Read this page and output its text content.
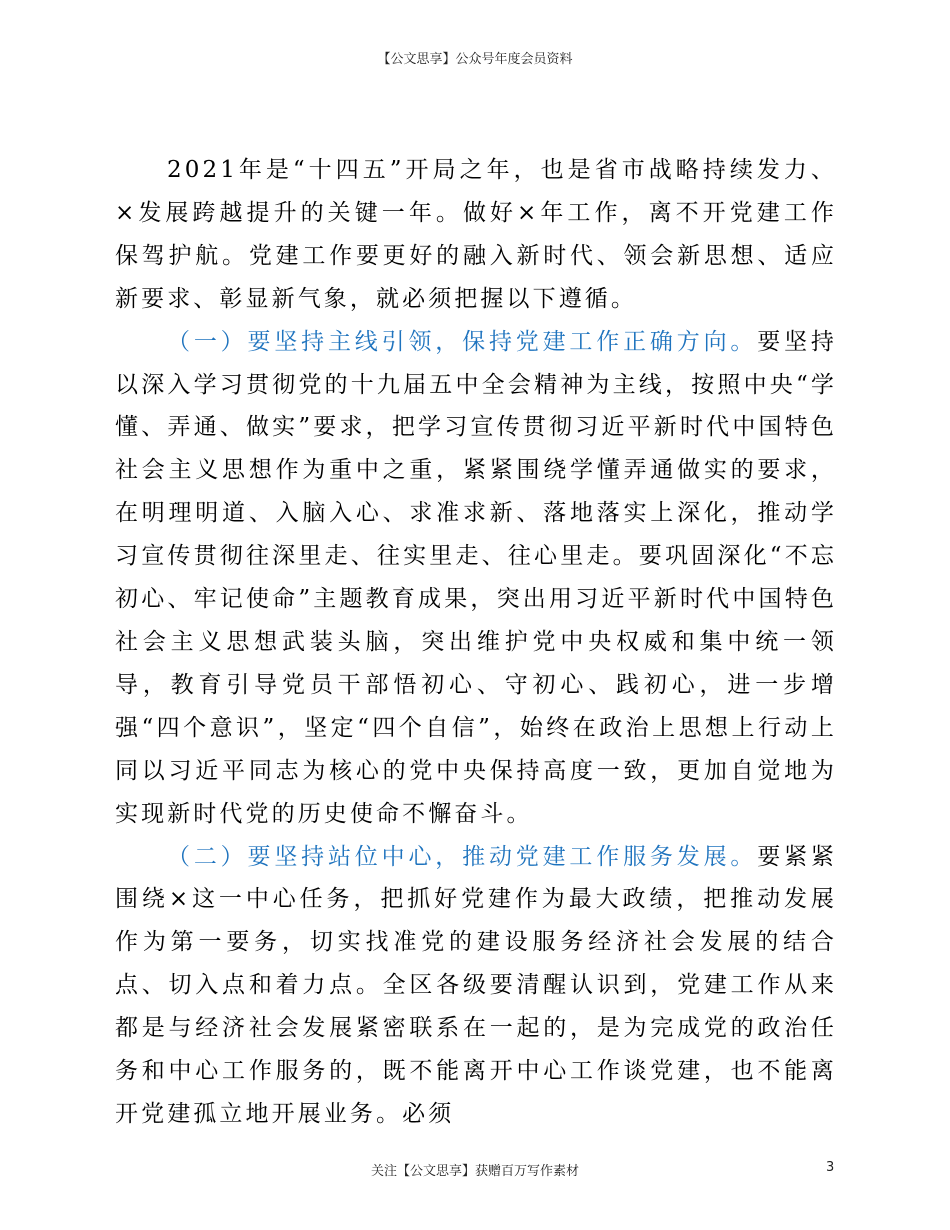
【公文思享】公众号年度会员资料

2021年是“十四五”开局之年，也是省市战略持续发力、×发展跨越提升的关键一年。做好×年工作，离不开党建工作保驾护航。党建工作要更好的融入新时代、领会新思想、适应新要求、彰显新气象，就必须把握以下遵循。

（一）要坚持主线引领，保持党建工作正确方向。要坚持以深入学习贯彻党的十九届五中全会精神为主线，按照中央“学懂、弄通、做实”要求，把学习宣传贯彻习近平新时代中国特色社会主义思想作为重中之重，紧紧围绕学懂弄通做实的要求，在明理明道、入脑入心、求准求新、落地落实上深化，推动学习宣传贯彻往深里走、往实里走、往心里走。要巩固深化“不忘初心、牢记使命”主题教育成果，突出用习近平新时代中国特色社会主义思想武装头脑，突出维护党中央权威和集中统一领导，教育引导党员干部悟初心、守初心、践初心，进一步增强“四个意识”，坚定“四个自信”，始终在政治上思想上行动上同以习近平同志为核心的党中央保持高度一致，更加自觉地为实现新时代党的历史使命不懈奋斗。

（二）要坚持站位中心，推动党建工作服务发展。要紧紧围绕×这一中心任务，把抓好党建作为最大政绩，把推动发展作为第一要务，切实找准党的建设服务经济社会发展的结合点、切入点和着力点。全区各级要清醒认识到，党建工作从来都是与经济社会发展紧密联系在一起的，是为完成党的政治任务和中心工作服务的，既不能离开中心工作谈党建，也不能离开党建孤立地开展业务。必须

关注【公文思享】获赠百万写作素材	3
